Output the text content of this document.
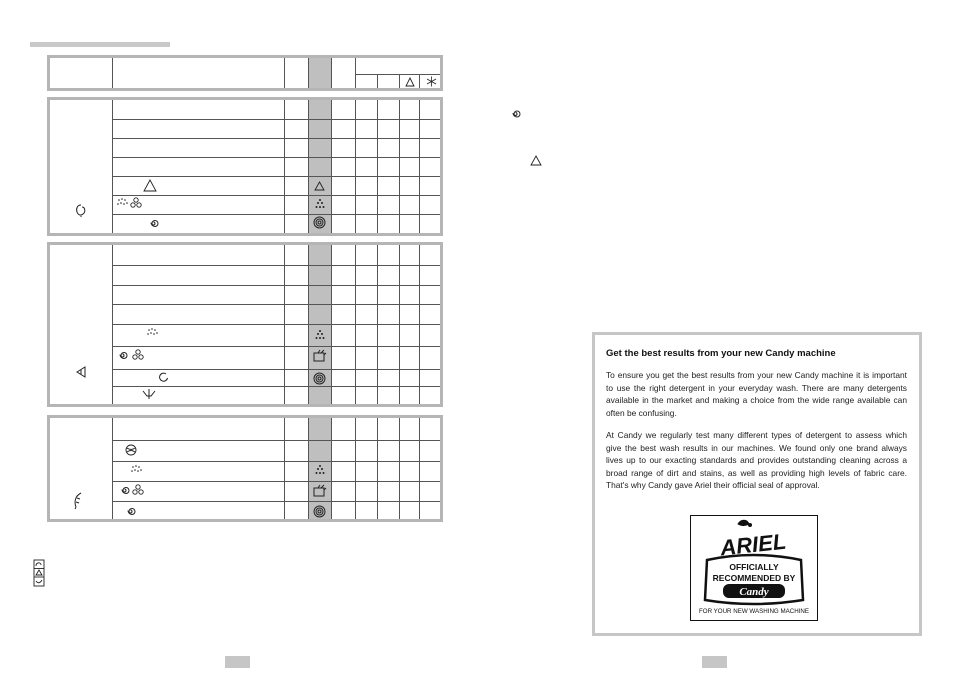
Get the best results from your new Candy machine

To ensure you get the best results from your new Candy machine it is important to use the right detergent in your everyday wash. There are many detergents available in the market and making a choice from the wide range available can often be confusing.

At Candy we regularly test many different types of detergent to assess which give the best wash results in our machines. We found only one brand always lives up to our exacting standards and provides outstanding cleaning across a broad range of dirt and stains, as well as providing high levels of fabric care. That's why Candy gave Ariel their official seal of approval.

ARIEL
OFFICIALLY
RECOMMENDED BY
Candy
FOR YOUR NEW WASHING MACHINE
